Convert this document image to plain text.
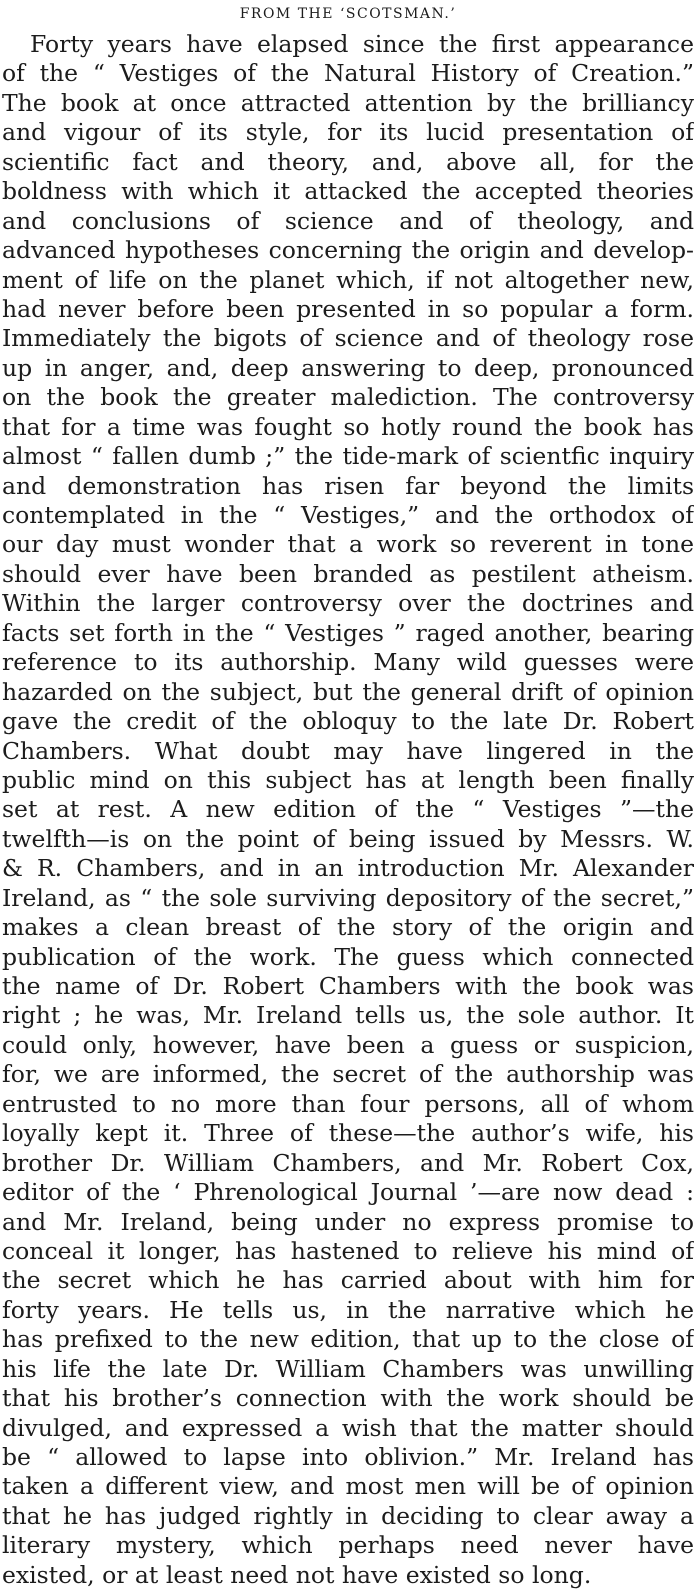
FROM THE ‘SCOTSMAN.’
Forty years have elapsed since the first appearance
of the “ Vestiges of the Natural History of Creation.”
The book at once attracted attention by the brilliancy
and vigour of its style, for its lucid presentation of
scientific fact and theory, and, above all, for the
boldness with which it attacked the accepted theories
and conclusions of science and of theology, and
advanced hypotheses concerning the origin and develop-
ment of life on the planet which, if not altogether new,
had never before been presented in so popular a form.
Immediately the bigots of science and of theology rose
up in anger, and, deep answering to deep, pronounced
on the book the greater malediction. The controversy
that for a time was fought so hotly round the book has
almost “ fallen dumb ;” the tide-mark of scientfic inquiry
and demonstration has risen far beyond the limits
contemplated in the “ Vestiges,” and the orthodox of
our day must wonder that a work so reverent in tone
should ever have been branded as pestilent atheism.
Within the larger controversy over the doctrines and
facts set forth in the “ Vestiges ” raged another, bearing
reference to its authorship. Many wild guesses were
hazarded on the subject, but the general drift of opinion
gave the credit of the obloquy to the late Dr. Robert
Chambers. What doubt may have lingered in the
public mind on this subject has at length been finally
set at rest. A new edition of the “ Vestiges ”—the
twelfth—is on the point of being issued by Messrs. W.
& R. Chambers, and in an introduction Mr. Alexander
Ireland, as “ the sole surviving depository of the secret,”
makes a clean breast of the story of the origin and
publication of the work. The guess which connected
the name of Dr. Robert Chambers with the book was
right ; he was, Mr. Ireland tells us, the sole author. It
could only, however, have been a guess or suspicion,
for, we are informed, the secret of the authorship was
entrusted to no more than four persons, all of whom
loyally kept it. Three of these—the author’s wife, his
brother Dr. William Chambers, and Mr. Robert Cox,
editor of the ‘ Phrenological Journal ’—are now dead :
and Mr. Ireland, being under no express promise to
conceal it longer, has hastened to relieve his mind of
the secret which he has carried about with him for
forty years. He tells us, in the narrative which he
has prefixed to the new edition, that up to the close of
his life the late Dr. William Chambers was unwilling
that his brother’s connection with the work should be
divulged, and expressed a wish that the matter should
be “ allowed to lapse into oblivion.” Mr. Ireland has
taken a different view, and most men will be of opinion
that he has judged rightly in deciding to clear away a
literary mystery, which perhaps need never have
existed, or at least need not have existed so long.
